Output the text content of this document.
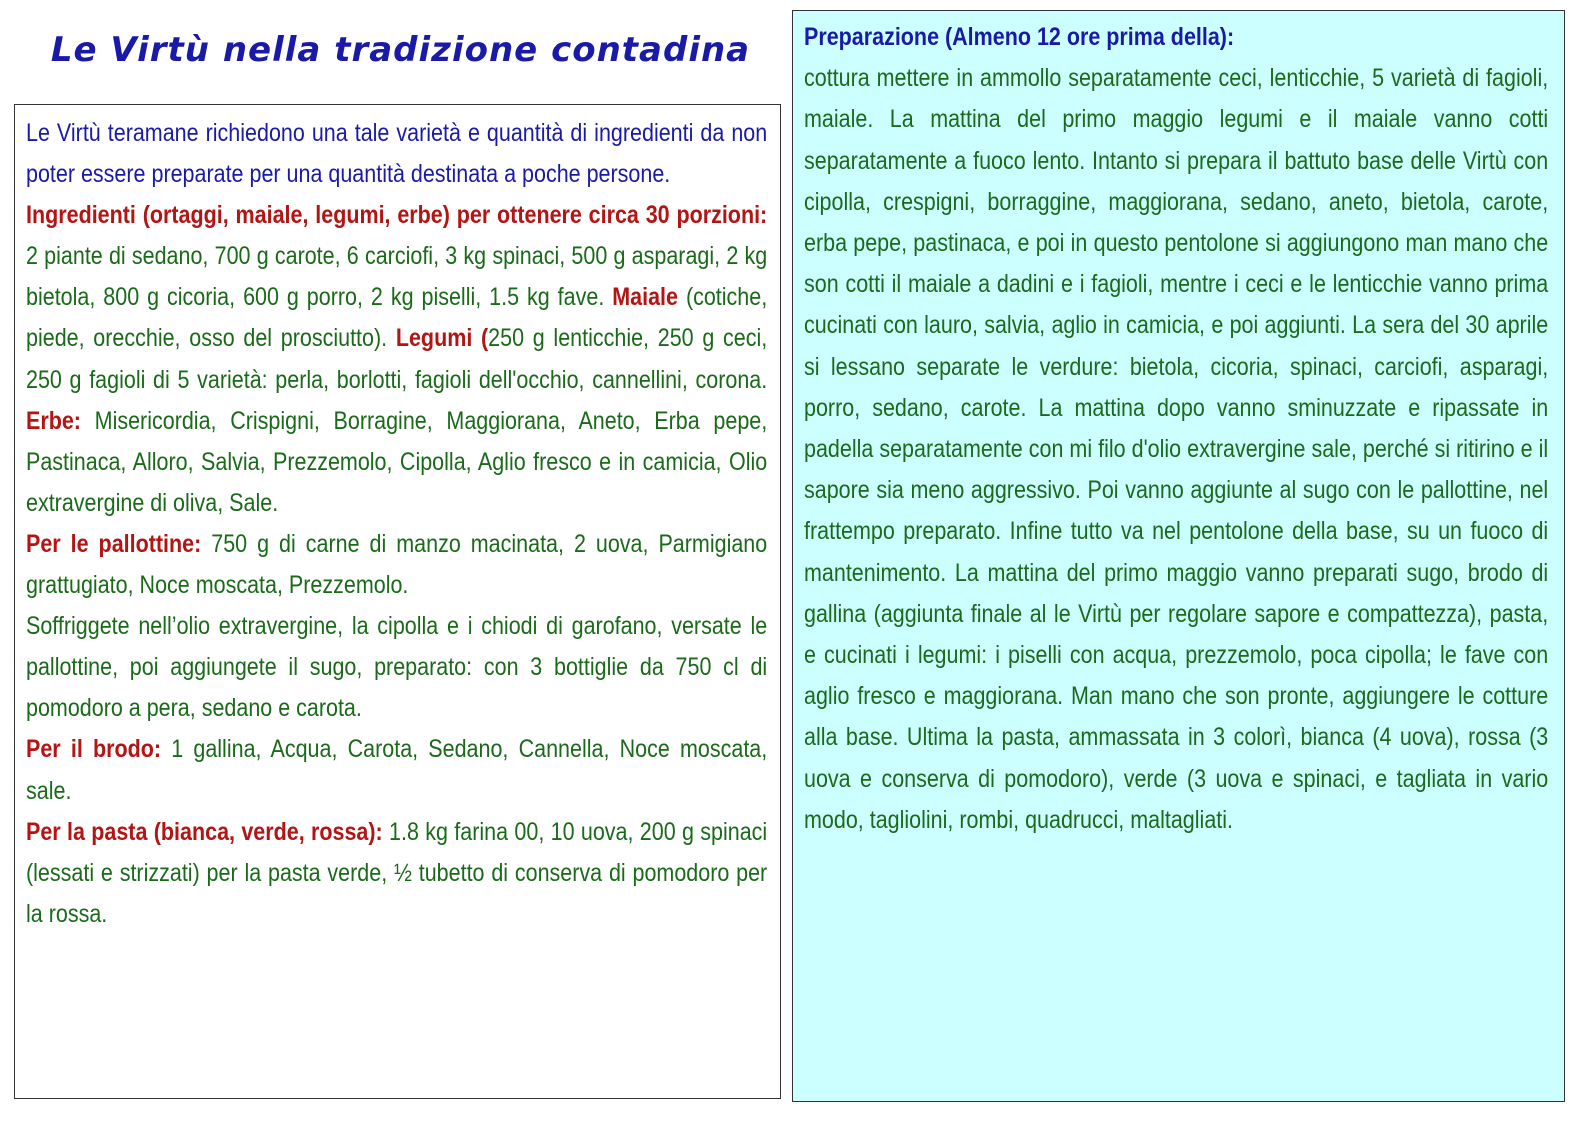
Le Virtù nella tradizione contadina

Le Virtù teramane richiedono una tale varietà e quantità di ingredienti da non poter essere preparate per una quantità destinata a poche persone.

Ingredienti (ortaggi, maiale, legumi, erbe) per ottenere circa 30 porzioni: 2 piante di sedano, 700 g carote, 6 carciofi, 3 kg spinaci, 500 g asparagi, 2 kg bietola, 800 g cicoria, 600 g porro, 2 kg piselli, 1.5 kg fave. Maiale (cotiche, piede, orecchie, osso del prosciutto). Legumi (250 g lenticchie, 250 g ceci, 250 g fagioli di 5 varietà: perla, borlotti, fagioli dell'occhio, cannellini, corona. Erbe: Misericordia, Crispigni, Borragine, Maggiorana, Aneto, Erba pepe, Pastinaca, Alloro, Salvia, Prezzemolo, Cipolla, Aglio fresco e in camicia, Olio extravergine di oliva, Sale.

Per le pallottine: 750 g di carne di manzo macinata, 2 uova, Parmigiano grattugiato, Noce moscata, Prezzemolo.

Soffriggete nell’olio extravergine, la cipolla e i chiodi di garofano, versate le pallottine, poi aggiungete il sugo, preparato: con 3 bottiglie da 750 cl di pomodoro a pera, sedano e carota.

Per il brodo: 1 gallina, Acqua, Carota, Sedano, Cannella, Noce moscata, sale.

Per la pasta (bianca, verde, rossa): 1.8 kg farina 00, 10 uova, 200 g spinaci (lessati e strizzati) per la pasta verde, ½ tubetto di conserva di pomodoro per la rossa.

Preparazione (Almeno 12 ore prima della):

cottura mettere in ammollo separatamente ceci, lenticchie, 5 varietà di fagioli, maiale. La mattina del primo maggio legumi e il maiale vanno cotti separatamente a fuoco lento. Intanto si prepara il battuto base delle Virtù con cipolla, crespigni, borraggine, maggiorana, sedano, aneto, bietola, carote, erba pepe, pastinaca, e poi in questo pentolone si aggiungono man mano che son cotti il maiale a dadini e i fagioli, mentre i ceci e le lenticchie vanno prima cucinati con lauro, salvia, aglio in camicia, e poi aggiunti. La sera del 30 aprile si lessano separate le verdure: bietola, cicoria, spinaci, carciofi, asparagi, porro, sedano, carote. La mattina dopo vanno sminuzzate e ripassate in padella separatamente con mi filo d'olio extravergine sale, perché si ritirino e il sapore sia meno aggressivo. Poi vanno aggiunte al sugo con le pallottine, nel frattempo preparato. Infine tutto va nel pentolone della base, su un fuoco di mantenimento. La mattina del primo maggio vanno preparati sugo, brodo di gallina (aggiunta finale al le Virtù per regolare sapore e compattezza), pasta, e cucinati i legumi: i piselli con acqua, prezzemolo, poca cipolla; le fave con aglio fresco e maggiorana. Man mano che son pronte, aggiungere le cotture alla base. Ultima la pasta, ammassata in 3 colorì, bianca (4 uova), rossa (3 uova e conserva di pomodoro), verde (3 uova e spinaci, e tagliata in vario modo, tagliolini, rombi, quadrucci, maltagliati.
